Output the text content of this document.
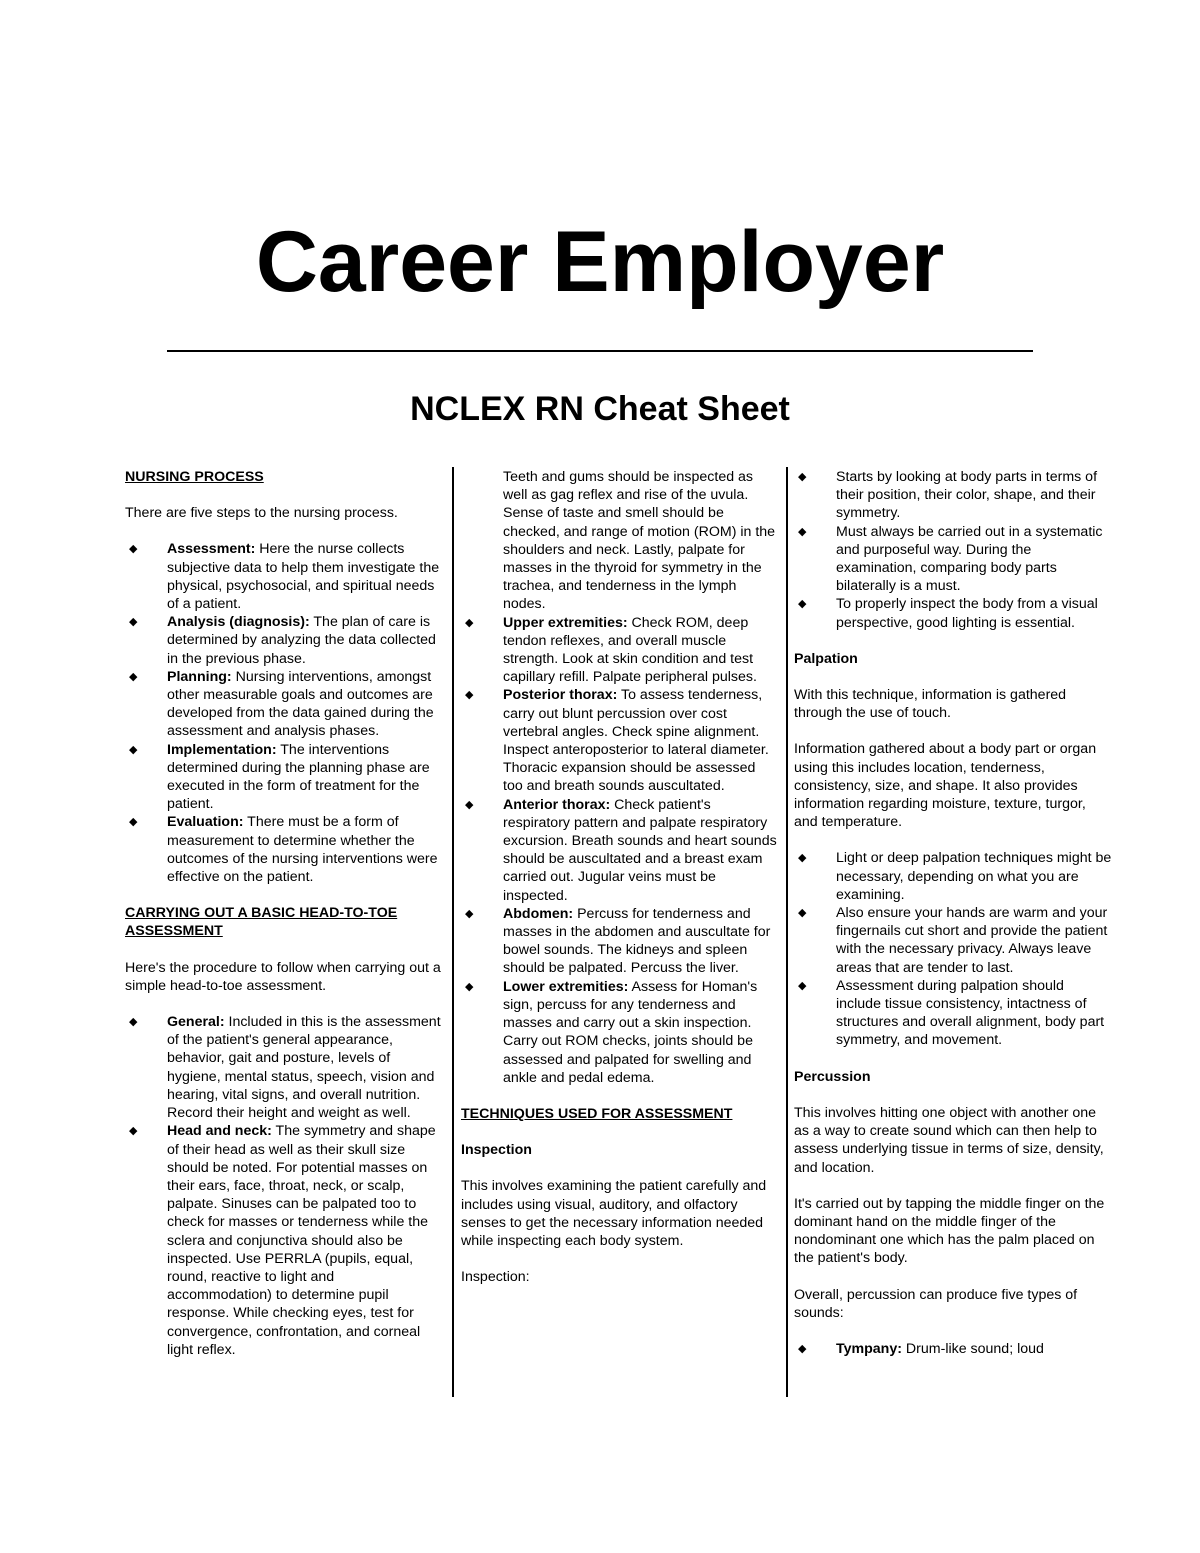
Career Employer
NCLEX RN Cheat Sheet
NURSING PROCESS

There are five steps to the nursing process.

◆ Assessment: Here the nurse collects subjective data to help them investigate the physical, psychosocial, and spiritual needs of a patient.
◆ Analysis (diagnosis): The plan of care is determined by analyzing the data collected in the previous phase.
◆ Planning: Nursing interventions, amongst other measurable goals and outcomes are developed from the data gained during the assessment and analysis phases.
◆ Implementation: The interventions determined during the planning phase are executed in the form of treatment for the patient.
◆ Evaluation: There must be a form of measurement to determine whether the outcomes of the nursing interventions were effective on the patient.
CARRYING OUT A BASIC HEAD-TO-TOE ASSESSMENT

Here's the procedure to follow when carrying out a simple head-to-toe assessment.

◆ General: Included in this is the assessment of the patient's general appearance, behavior, gait and posture, levels of hygiene, mental status, speech, vision and hearing, vital signs, and overall nutrition. Record their height and weight as well.
◆ Head and neck: The symmetry and shape of their head as well as their skull size should be noted. For potential masses on their ears, face, throat, neck, or scalp, palpate. Sinuses can be palpated too to check for masses or tenderness while the sclera and conjunctiva should also be inspected. Use PERRLA (pupils, equal, round, reactive to light and accommodation) to determine pupil response. While checking eyes, test for convergence, confrontation, and corneal light reflex.
Teeth and gums should be inspected as well as gag reflex and rise of the uvula. Sense of taste and smell should be checked, and range of motion (ROM) in the shoulders and neck. Lastly, palpate for masses in the thyroid for symmetry in the trachea, and tenderness in the lymph nodes.
◆ Upper extremities: Check ROM, deep tendon reflexes, and overall muscle strength. Look at skin condition and test capillary refill. Palpate peripheral pulses.
◆ Posterior thorax: To assess tenderness, carry out blunt percussion over cost vertebral angles. Check spine alignment. Inspect anteroposterior to lateral diameter. Thoracic expansion should be assessed too and breath sounds auscultated.
◆ Anterior thorax: Check patient's respiratory pattern and palpate respiratory excursion. Breath sounds and heart sounds should be auscultated and a breast exam carried out. Jugular veins must be inspected.
◆ Abdomen: Percuss for tenderness and masses in the abdomen and auscultate for bowel sounds. The kidneys and spleen should be palpated. Percuss the liver.
◆ Lower extremities: Assess for Homan's sign, percuss for any tenderness and masses and carry out a skin inspection. Carry out ROM checks, joints should be assessed and palpated for swelling and ankle and pedal edema.
TECHNIQUES USED FOR ASSESSMENT
Inspection

This involves examining the patient carefully and includes using visual, auditory, and olfactory senses to get the necessary information needed while inspecting each body system.

Inspection:

◆ Starts by looking at body parts in terms of their position, their color, shape, and their symmetry.
◆ Must always be carried out in a systematic and purposeful way. During the examination, comparing body parts bilaterally is a must.
◆ To properly inspect the body from a visual perspective, good lighting is essential.
Palpation

With this technique, information is gathered through the use of touch.

Information gathered about a body part or organ using this includes location, tenderness, consistency, size, and shape. It also provides information regarding moisture, texture, turgor, and temperature.

◆ Light or deep palpation techniques might be necessary, depending on what you are examining.
◆ Also ensure your hands are warm and your fingernails cut short and provide the patient with the necessary privacy. Always leave areas that are tender to last.
◆ Assessment during palpation should include tissue consistency, intactness of structures and overall alignment, body part symmetry, and movement.
Percussion

This involves hitting one object with another one as a way to create sound which can then help to assess underlying tissue in terms of size, density, and location.

It's carried out by tapping the middle finger on the dominant hand on the middle finger of the nondominant one which has the palm placed on the patient's body.

Overall, percussion can produce five types of sounds:

◆ Tympany: Drum-like sound; loud
